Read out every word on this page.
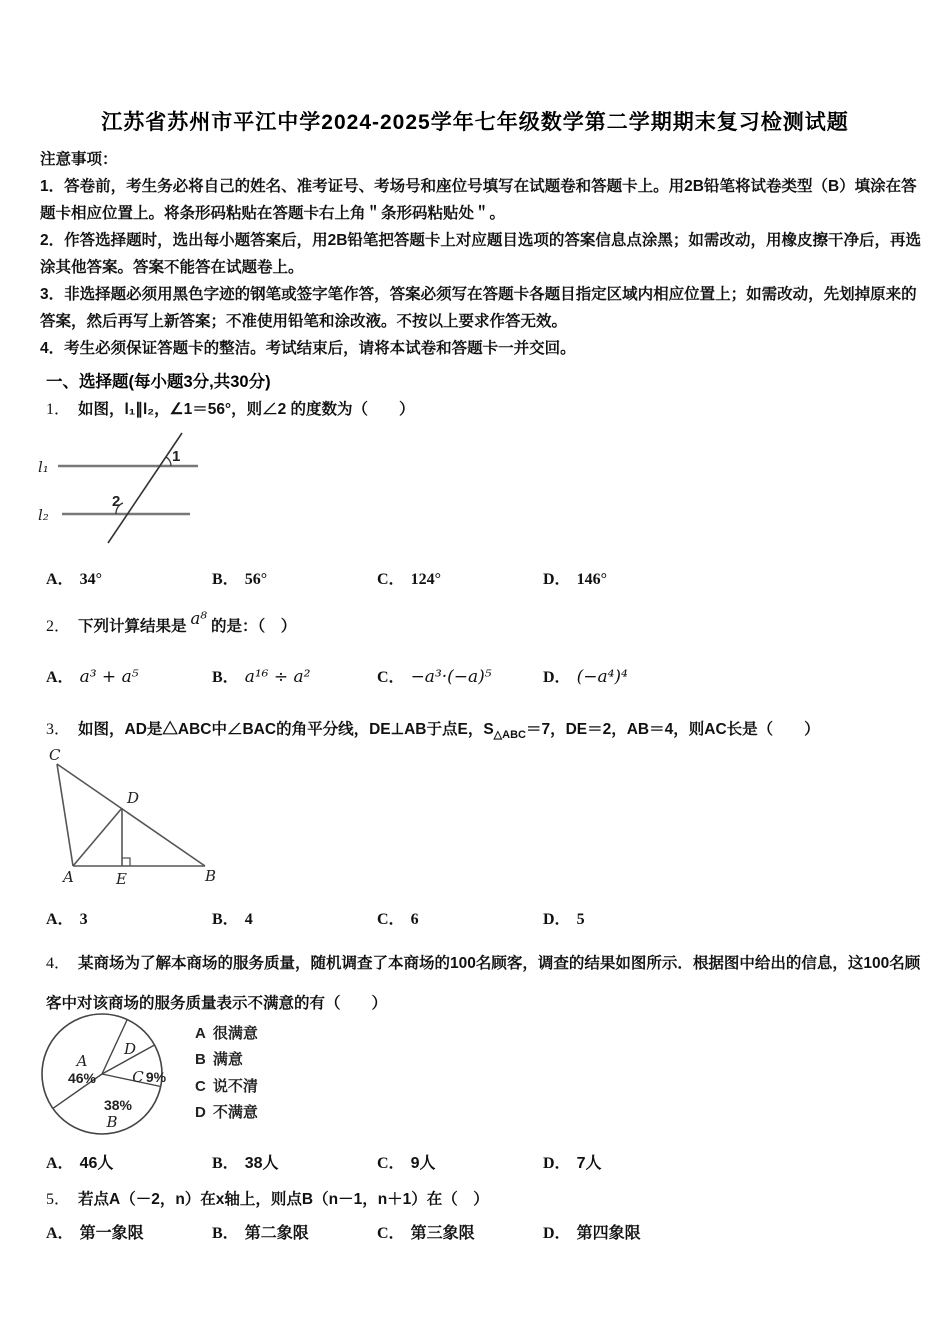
江苏省苏州市平江中学2024-2025学年七年级数学第二学期期末复习检测试题

注意事项：

1．答卷前，考生务必将自己的姓名、准考证号、考场号和座位号填写在试题卷和答题卡上。用2B铅笔将试卷类型（B）填涂在答题卡相应位置上。将条形码粘贴在答题卡右上角＂条形码粘贴处＂。

2．作答选择题时，选出每小题答案后，用2B铅笔把答题卡上对应题目选项的答案信息点涂黑；如需改动，用橡皮擦干净后，再选涂其他答案。答案不能答在试题卷上。

3．非选择题必须用黑色字迹的钢笔或签字笔作答，答案必须写在答题卡各题目指定区域内相应位置上；如需改动，先划掉原来的答案，然后再写上新答案；不准使用铅笔和涂改液。不按以上要求作答无效。

4．考生必须保证答题卡的整洁。考试结束后，请将本试卷和答题卡一并交回。

一、选择题(每小题3分,共30分)
1． 如图，l₁∥l₂，∠1＝56°，则∠2 的度数为（　　）
l₁
l₂
1
2
A． 34°	B． 56°	C． 124°	D． 146°
2． 下列计算结果是 a⁸ 的是：（　）
A． a³ + a⁵	B． a¹⁶ ÷ a²	C． −a³·(−a)⁵	D． (−a⁴)⁴
3． 如图，AD是△ABC中∠BAC的角平分线，DE⊥AB于点E，$S_{\triangle ABC}=7$，DE＝2，AB＝4，则AC长是（　　）
C
D
A	E	B
A． 3	B． 4	C． 6	D． 5
4． 某商场为了解本商场的服务质量，随机调查了本商场的100名顾客，调查的结果如图所示．根据图中给出的信息，这100名顾客中对该商场的服务质量表示不满意的有（　　）
A
46%
D
C 9%
38%
B
A 很满意
B 满意
C 说不清
D 不满意
A． 46人	B． 38人	C． 9人	D． 7人
5． 若点A（－2，n）在x轴上，则点B（n－1，n＋1）在（　）
A． 第一象限	B． 第二象限	C． 第三象限	D． 第四象限
